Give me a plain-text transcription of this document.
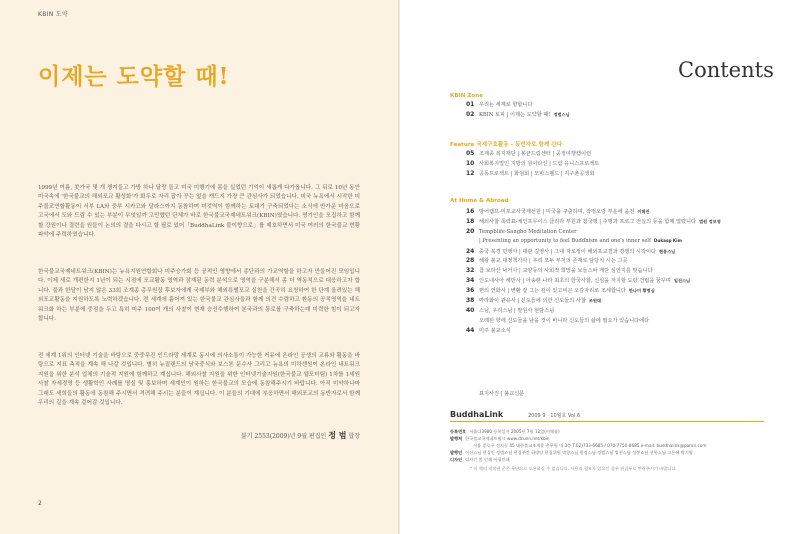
KBIN 도약
이제는 도약할 때!

1999년 여름, 美가국 몇 개 챙겨들고 가방 하나 달랑 들고 미국 미행기에 몸을 실었던 기억이 새롭게 다가옵니다. 그 뒤로 10년 동안 미국속에 '한국불교의 해외포교 활성화'가 화두로 자리 잡아 꾸는 엎을 캐드지 가장 큰 관심사가 되었습니다. 미국 뉴욕에서 시작한 미주불교연합활동이 서부 LA와 중부 시카고와 달라스까지 동참하며 미것역이 함께하는 토대가 구축되었다는 소식에 반가운 마음으로 고국에서 도와 드림 수 있는 부분이 무엇일까 고민했던 단체가 바로 한국불교국제네트워크(KBIN)였습니다. 명기인을 모집하고 함께할 강원이나 결련을 원들이 논의의 결을 다시고 할 필로 있어「BuddhaLink 불이향으로」를 제호하면서 미국 여러의 한국불교 현황파악에 주력하였습니다.

한국불교국제네트워크(KBIN)는 뉴욕지원연합회나 미주승가회 등 공적인 영향에서 종단과의 가교역할을 하고자 만들어진 모임입니다. 이제 새로 개편한지 1년이 되는 시점에 포교활동 영역과 잠재된 동력 분석으로 영역을 구분해서 좀 더 역동적으로 대응하고자 합니다. 불과 한달이 남지 않은 33회 조계종 총무원장 후보자에게 국제부와 해외특별포교 실천을 간곡히 요청하여 한 단계 올려있는 해외포교활동을 지원하도록 노력하겠습니다. 전 세계에 흩어져 있는 한국불교 관심사들과 함께 의견 수렴하고 환동의 공적영역을 네트워크화 하는 부분에 중점을 두고 특히 미주 100여 개의 사찰이 현재 승선수행하여 본국과의 통로를 구축하는데 미력한 힘이 되고자 합니다.

전 세계 1위의 인터넷 기술을 바탕으로 중중무진 인드라망 세계로 동시에 의사소통이 가능한 커뮤에 온라인 공생의 교류와 활동을 바탕으로 지표 측적을 계속 해 나갈 것입니다. 별히 뉴질랜드의 남국중식와 보스톤 문수사 그리고 뉴욕의 미하센원이 온라인 네트워크 지원을 위한 분석 업체의 기술적 지원에 함께하고 계십니다. 해외사찰 지원을 위한 인터넷기술지원(한국불교 웹모터팀) 1차를 1세원 사찰 자세경영 등 생활학인 사례를 명실 및 홍보하며 세계인이 원하는 한국불교의 모습에 동참해주시기 바랍니다. 아직 미약하나마 그래도 세희들의 활동에 동참해 주시면서 격려해 주시는 분들이 계십니다. 이 분들의 기대에 부응하면서 해외포교의 동반자로서 함께 우리의 길을 계속 걸어갈 것입니다.

불기 2553(2009)년 9월 편집인 정 범 합장
2
Contents
KBIN Zone
01 우리는 세계로 향합니다
02 KBIN 토피 | 이제는 도약할 때! 정범스님
Feature 국제구호활동 - 동반자로 함께 간다
05 조계종 복지재단 | 봉균드림센터 | 공정여행캠이런
10 사회복지법인 지방의 원이타신 | 드림 유니스프로젝트
12 공동프로젝트 | 화엄회 | 모바스펠드 | 지구촌공생회
At Home & Abroad
16 방어캠프-미포교사국제선원 | 미국을 구출하며, 작정오랑 부운에 움전 이해진
18 해외사찰 폭력표-체인프무이스 클리라 부원과 첨국행 | 수행과 프로그 전실의 등을 함께 열렸니다 법원 정보영
20 Tempblife-Sangbo Meditation Center
| Presenting an opportunity to feel Buddhism and one's inner self Dukasp Kim
24 중국 북경 민행사 | 대관 길영사 | 그대 자로정이 해외포교결과 경쟁의 시작이다 현봉스님
28 해왕 불교 대정책가사 | 우리 모두 부처의 존재로 담당치 시는 그곳
32 참 보라산 낙거사 | 교양등의 사회적 희망을 보들스바 게단 심연지를 맞습니다
34 인도내사아 해만사 | 아송랜 나라 최초의 한국사찰, 신심을 저지할 도량 건립을 꿈꾸며 일진스님
36 편의 연화사 | 변환 잘 그는 깊이 있고비곤 오감자리로 조세합니다 한나미 황명심
38 마라화이 관유사 | 신도들에 의한 신도들의 사찰 조원대
40 스님, 우리스님 | 발원사 현담스님
오래된 향에 신도들을 남을 것이 바니라 신도들의 삶에 필요가 있습니다에다
44 미주 불교소식
표지사진 | 불교신문
BuddhaLink	2009 9 · 10월호 Vol.6
등록번호 서울다3980 등록일자 2005년 7월 12일(비매품)
발행처 한국불교국제네트워크 www.dcunn.net/kbin
서울 종로구 견지동 45 대한불교조계종 총무원 내 3층 T.02)733-6685 / 070-7750-8685 e-mail. buddhalink@paran.com
발행인 이선스님 편집인 정범스님 편집주간 하방당 편집위원 박창스님 원정스님 정범스님 법천스님 성봉스님 선원스님 고은혜 박기영
디자인 디자인 봄 인쇄 이평인쇄
* 이 책의 저작권 운은 무단으로 도용하실 수 없습니다. 사용과 협조가 있으신 경우 편집부로 연락주시기 바랍니다.
